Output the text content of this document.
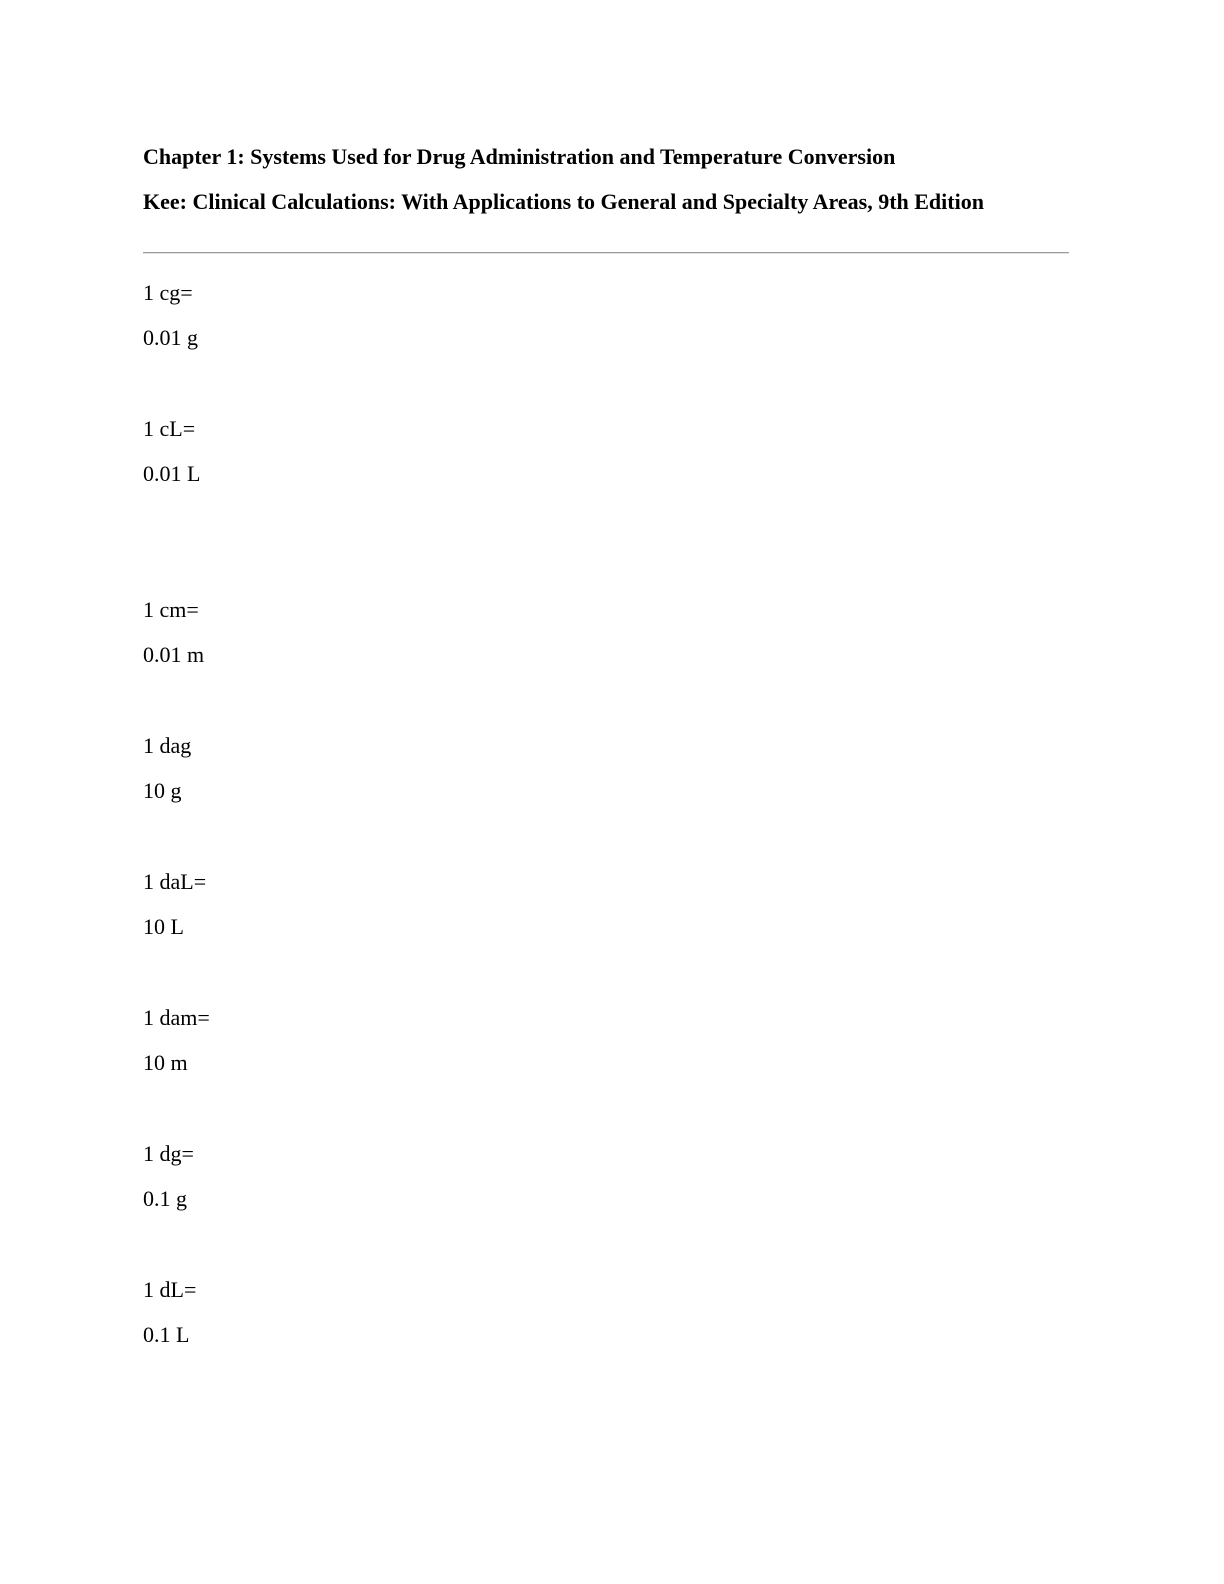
Chapter 1: Systems Used for Drug Administration and Temperature Conversion
Kee: Clinical Calculations: With Applications to General and Specialty Areas, 9th Edition
1 cg=
0.01 g
1 cL=
0.01 L
1 cm=
0.01 m
1 dag
10 g
1 daL=
10 L
1 dam=
10 m
1 dg=
0.1 g
1 dL=
0.1 L
